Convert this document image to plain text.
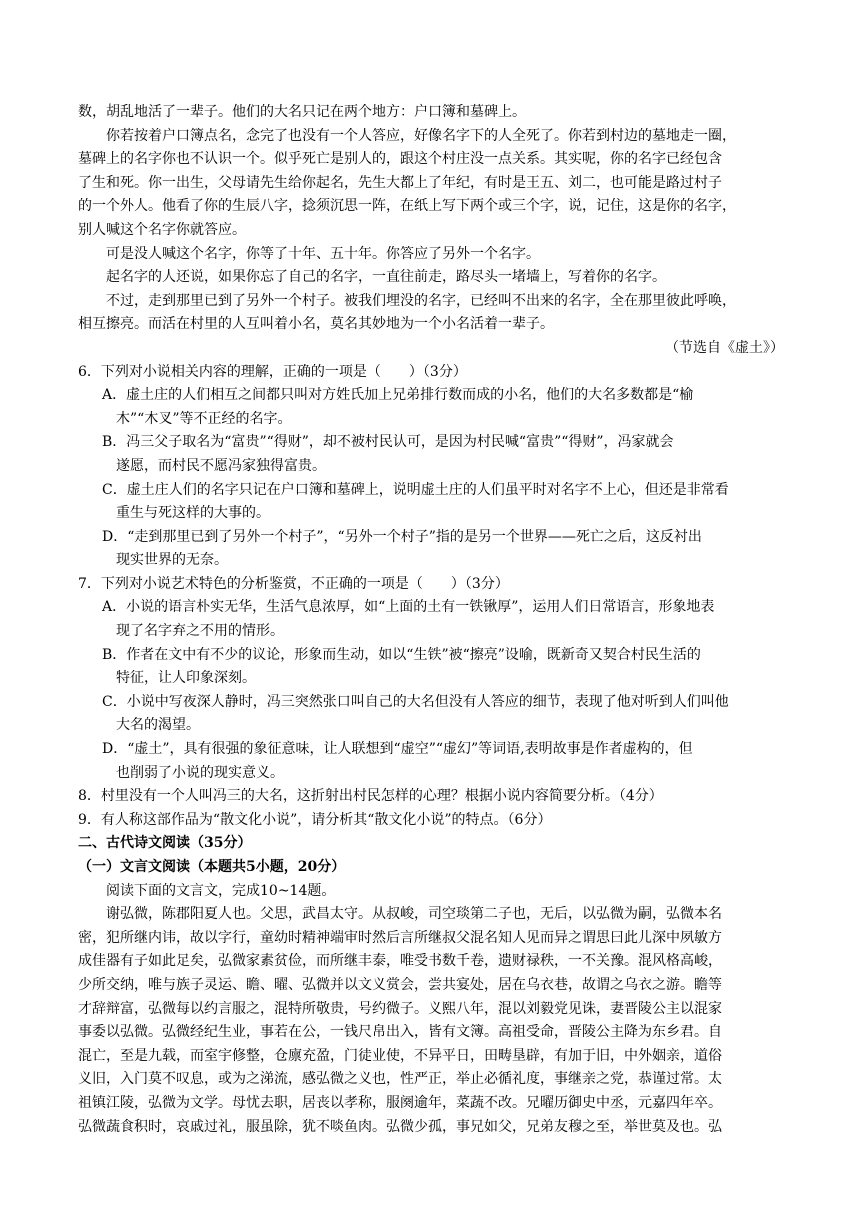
数，胡乱地活了一辈子。他们的大名只记在两个地方：户口簿和墓碑上。
你若按着户口簿点名，念完了也没有一个人答应，好像名字下的人全死了。你若到村边的墓地走一圈，
墓碑上的名字你也不认识一个。似乎死亡是别人的，跟这个村庄没一点关系。其实呢，你的名字已经包含
了生和死。你一出生，父母请先生给你起名，先生大都上了年纪，有时是王五、刘二，也可能是路过村子
的一个外人。他看了你的生辰八字，捻须沉思一阵，在纸上写下两个或三个字，说，记住，这是你的名字，
别人喊这个名字你就答应。
可是没人喊这个名字，你等了十年、五十年。你答应了另外一个名字。
起名字的人还说，如果你忘了自己的名字，一直往前走，路尽头一堵墙上，写着你的名字。
不过，走到那里已到了另外一个村子。被我们埋没的名字，已经叫不出来的名字，全在那里彼此呼唤，
相互擦亮。而活在村里的人互叫着小名，莫名其妙地为一个小名活着一辈子。
（节选自《虚土》）
6．下列对小说相关内容的理解，正确的一项是（　　）（3分）
A．虚土庄的人们相互之间都只叫对方姓氏加上兄弟排行数而成的小名，他们的大名多数都是“榆
木”“木叉”等不正经的名字。
B．冯三父子取名为“富贵”“得财”，却不被村民认可，是因为村民喊“富贵”“得财”，冯家就会
遂愿，而村民不愿冯家独得富贵。
C．虚土庄人们的名字只记在户口簿和墓碑上，说明虚土庄的人们虽平时对名字不上心，但还是非常看
重生与死这样的大事的。
D．“走到那里已到了另外一个村子”，“另外一个村子”指的是另一个世界——死亡之后，这反衬出
现实世界的无奈。
7．下列对小说艺术特色的分析鉴赏，不正确的一项是（　　）（3分）
A．小说的语言朴实无华，生活气息浓厚，如“上面的土有一铁锹厚”，运用人们日常语言，形象地表
现了名字弃之不用的情形。
B．作者在文中有不少的议论，形象而生动，如以“生铁”被“擦亮”设喻，既新奇又契合村民生活的
特征，让人印象深刻。
C．小说中写夜深人静时，冯三突然张口叫自己的大名但没有人答应的细节，表现了他对听到人们叫他
大名的渴望。
D．“虚土”，具有很强的象征意味，让人联想到“虚空”“虚幻”等词语,表明故事是作者虚构的，但
也削弱了小说的现实意义。
8．村里没有一个人叫冯三的大名，这折射出村民怎样的心理？根据小说内容简要分析。（4分）
9．有人称这部作品为“散文化小说”，请分析其“散文化小说”的特点。（6分）
二、古代诗文阅读（35分）
（一）文言文阅读（本题共5小题，20分）
阅读下面的文言文，完成10~14题。
谢弘微，陈郡阳夏人也。父思，武昌太守。从叔峻，司空琰第二子也，无后，以弘微为嗣，弘微本名
密，犯所继内讳，故以字行，童幼时精神端审时然后言所继叔父混名知人见而异之谓思曰此儿深中夙敏方
成佳器有子如此足矣，弘微家素贫俭，而所继丰泰，唯受书数千卷，遗财禄秩，一不关豫。混风格高峻，
少所交纳，唯与族子灵运、瞻、曜、弘微并以文义赏会，尝共宴处，居在乌衣巷，故谓之乌衣之游。瞻等
才辞辩富，弘微每以约言服之，混特所敬贵，号约微子。义熙八年，混以刘毅党见诛，妻晋陵公主以混家
事委以弘微。弘微经纪生业，事若在公，一钱尺帛出入，皆有文簿。高祖受命，晋陵公主降为东乡君。自
混亡，至是九载，而室宇修整，仓廪充盈，门徒业使，不异平日，田畴垦辟，有加于旧，中外姻亲，道俗
义旧，入门莫不叹息，或为之涕流，感弘微之义也，性严正，举止必循礼度，事继亲之党，恭谨过常。太
祖镇江陵，弘微为文学。母忧去职，居丧以孝称，服阕逾年，菜蔬不改。兄曜历御史中丞，元嘉四年卒。
弘微蔬食积时，哀戚过礼，服虽除，犹不啖鱼肉。弘微少孤，事兄如父，兄弟友穆之至，举世莫及也。弘
